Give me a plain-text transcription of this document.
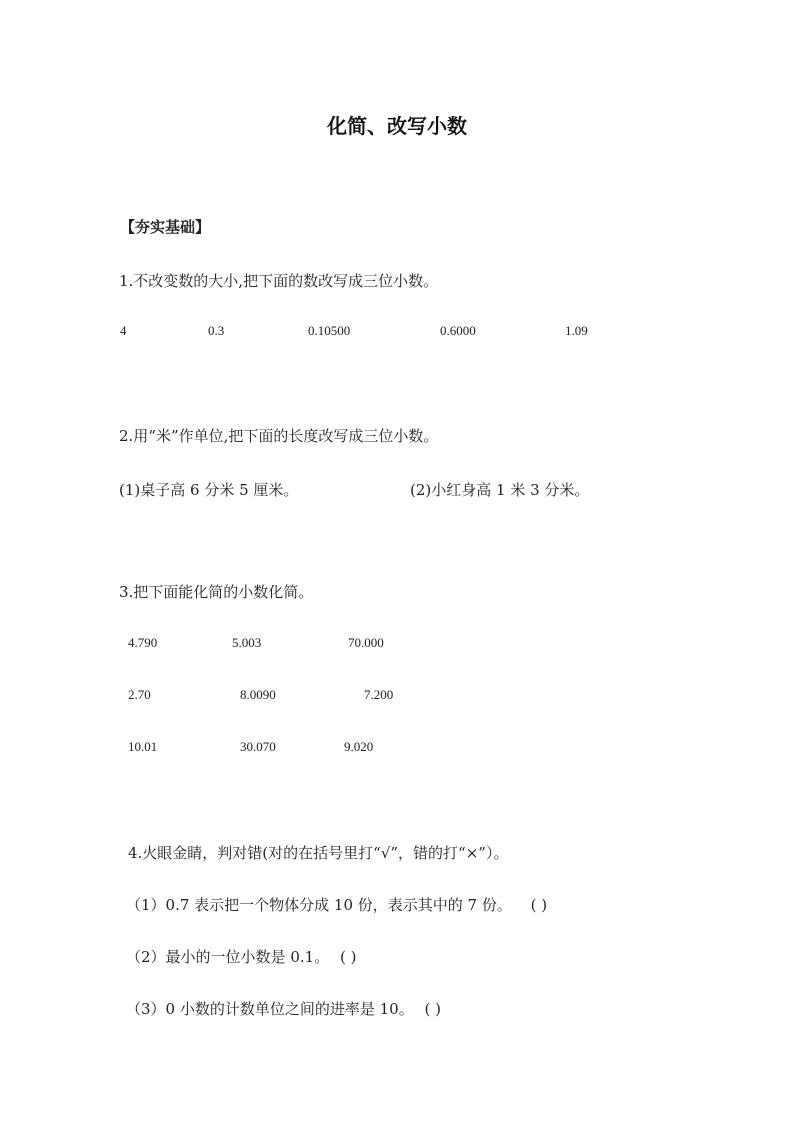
化简、改写小数
【夯实基础】
1.不改变数的大小,把下面的数改写成三位小数。
4	0.3	0.10500	0.6000	1.09
2.用“米”作单位,把下面的长度改写成三位小数。
(1)桌子高 6 分米 5 厘米。	(2)小红身高 1 米 3 分米。
3.把下面能化简的小数化简。
4.790	5.003	70.000
2.70	8.0090	7.200
10.01	30.070	9.020
4.火眼金睛，判对错(对的在括号里打“√”，错的打“×”）。
（1）0.7 表示把一个物体分成 10 份，表示其中的 7 份。 ( )
（2）最小的一位小数是 0.1。 ( )
（3）0 小数的计数单位之间的进率是 10。 ( )
